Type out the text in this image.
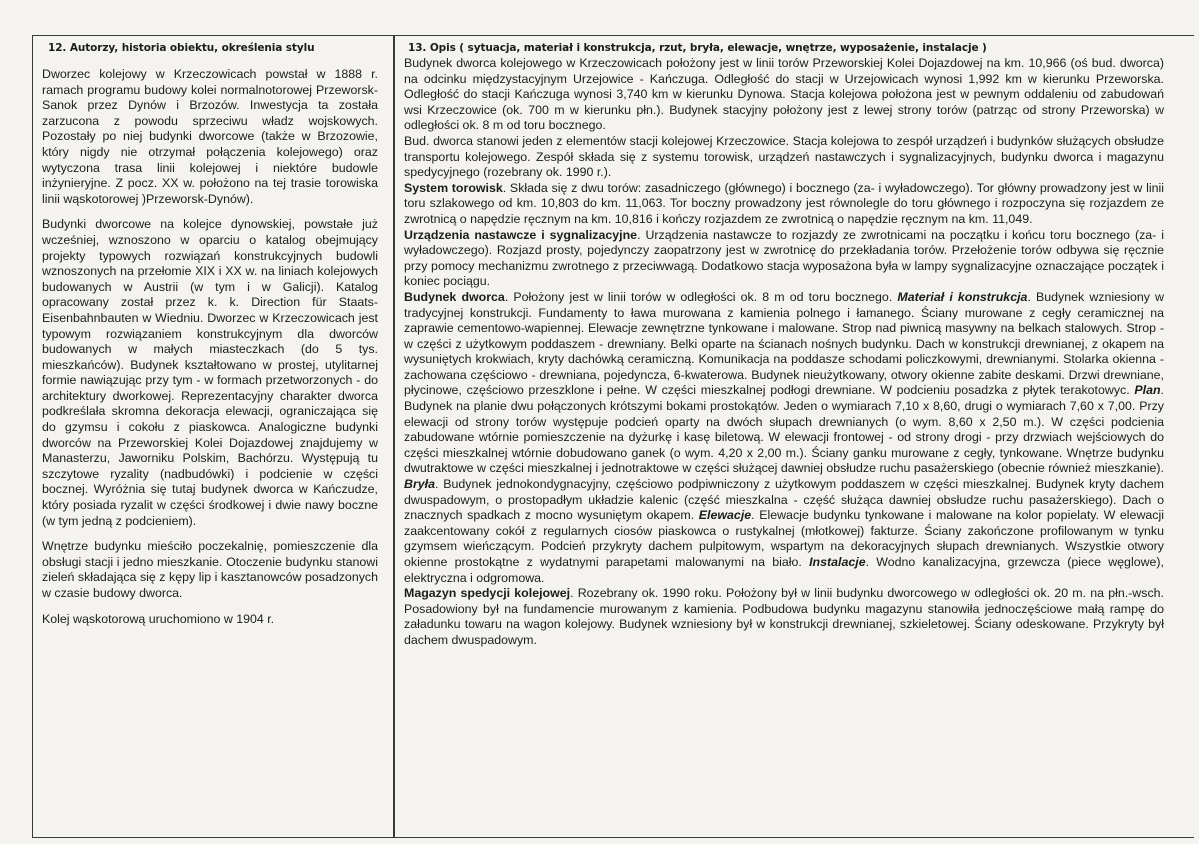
12. Autorzy, historia obiektu, określenia stylu

Dworzec kolejowy w Krzeczowicach powstał w 1888 r. ramach programu budowy kolei normalnotorowej Przeworsk-Sanok przez Dynów i Brzozów. Inwestycja ta została zarzucona z powodu sprzeciwu władz wojskowych. Pozostały po niej budynki dworcowe (także w Brzozowie, który nigdy nie otrzymał połączenia kolejowego) oraz wytyczona trasa linii kolejowej i niektóre budowle inżynieryjne. Z pocz. XX w. położono na tej trasie torowiska linii wąskotorowej )Przeworsk-Dynów).

Budynki dworcowe na kolejce dynowskiej, powstałe już wcześniej, wznoszono w oparciu o katalog obejmujący projekty typowych rozwiązań konstrukcyjnych budowli wznoszonych na przełomie XIX i XX w. na liniach kolejowych budowanych w Austrii (w tym i w Galicji). Katalog opracowany został przez k. k. Direction für Staats-Eisenbahnbauten w Wiedniu. Dworzec w Krzeczowicach jest typowym rozwiązaniem konstrukcyjnym dla dworców budowanych w małych miasteczkach (do 5 tys. mieszkańców). Budynek kształtowano w prostej, utylitarnej formie nawiązując przy tym - w formach przetworzonych - do architektury dworkowej. Reprezentacyjny charakter dworca podkreślała skromna dekoracja elewacji, ograniczająca się do gzymsu i cokołu z piaskowca. Analogiczne budynki dworców na Przeworskiej Kolei Dojazdowej znajdujemy w Manasterzu, Jaworniku Polskim, Bachórzu. Występują tu szczytowe ryzality (nadbudówki) i podcienie w części bocznej. Wyróżnia się tutaj budynek dworca w Kańczudze, który posiada ryzalit w części środkowej i dwie nawy boczne (w tym jedną z podcieniem).

Wnętrze budynku mieściło poczekalnię, pomieszczenie dla obsługi stacji i jedno mieszkanie. Otoczenie budynku stanowi zieleń składająca się z kępy lip i kasztanowców posadzonych w czasie budowy dworca.

Kolej wąskotorową uruchomiono w 1904 r.

13. Opis ( sytuacja, materiał i konstrukcja, rzut, bryła, elewacje, wnętrze, wyposażenie, instalacje )

Budynek dworca kolejowego w Krzeczowicach położony jest w linii torów Przeworskiej Kolei Dojazdowej na km. 10,966 (oś bud. dworca) na odcinku międzystacyjnym Urzejowice - Kańczuga. Odległość do stacji w Urzejowicach wynosi 1,992 km w kierunku Przeworska. Odległość do stacji Kańczuga wynosi 3,740 km w kierunku Dynowa. Stacja kolejowa położona jest w pewnym oddaleniu od zabudowań wsi Krzeczowice (ok. 700 m w kierunku płn.). Budynek stacyjny położony jest z lewej strony torów (patrząc od strony Przeworska) w odległości ok. 8 m od toru bocznego.

Bud. dworca stanowi jeden z elementów stacji kolejowej Krzeczowice. Stacja kolejowa to zespół urządzeń i budynków służących obsłudze transportu kolejowego. Zespół składa się z systemu torowisk, urządzeń nastawczych i sygnalizacyjnych, budynku dworca i magazynu spedycyjnego (rozebrany ok. 1990 r.).

System torowisk. Składa się z dwu torów: zasadniczego (głównego) i bocznego (za- i wyładowczego). Tor główny prowadzony jest w linii toru szlakowego od km. 10,803 do km. 11,063. Tor boczny prowadzony jest równolegle do toru głównego i rozpoczyna się rozjazdem ze zwrotnicą o napędzie ręcznym na km. 10,816 i kończy rozjazdem ze zwrotnicą o napędzie ręcznym na km. 11,049.

Urządzenia nastawcze i sygnalizacyjne. Urządzenia nastawcze to rozjazdy ze zwrotnicami na początku i końcu toru bocznego (za- i wyładowczego). Rozjazd prosty, pojedynczy zaopatrzony jest w zwrotnicę do przekładania torów. Przełożenie torów odbywa się ręcznie przy pomocy mechanizmu zwrotnego z przeciwwagą. Dodatkowo stacja wyposażona była w lampy sygnalizacyjne oznaczające początek i koniec pociągu.

Budynek dworca. Położony jest w linii torów w odległości ok. 8 m od toru bocznego. Materiał i konstrukcja. Budynek wzniesiony w tradycyjnej konstrukcji. Fundamenty to ława murowana z kamienia polnego i łamanego. Ściany murowane z cegły ceramicznej na zaprawie cementowo-wapiennej. Elewacje zewnętrzne tynkowane i malowane. Strop nad piwnicą masywny na belkach stalowych. Strop - w części z użytkowym poddaszem - drewniany. Belki oparte na ścianach nośnych budynku. Dach w konstrukcji drewnianej, z okapem na wysuniętych krokwiach, kryty dachówką ceramiczną. Komunikacja na poddasze schodami policzkowymi, drewnianymi. Stolarka okienna - zachowana częściowo - drewniana, pojedyncza, 6-kwaterowa. Budynek nieużytkowany, otwory okienne zabite deskami. Drzwi drewniane, płycinowe, częściowo przeszklone i pełne. W części mieszkalnej podłogi drewniane. W podcieniu posadzka z płytek terakotowyc. Plan. Budynek na planie dwu połączonych krótszymi bokami prostokątów. Jeden o wymiarach 7,10 x 8,60, drugi o wymiarach 7,60 x 7,00. Przy elewacji od strony torów występuje podcień oparty na dwóch słupach drewnianych (o wym. 8,60 x 2,50 m.). W części podcienia zabudowane wtórnie pomieszczenie na dyżurkę i kasę biletową. W elewacji frontowej - od strony drogi - przy drzwiach wejściowych do części mieszkalnej wtórnie dobudowano ganek (o wym. 4,20 x 2,00 m.). Ściany ganku murowane z cegły, tynkowane. Wnętrze budynku dwutraktowe w części mieszkalnej i jednotraktowe w części służącej dawniej obsłudze ruchu pasażerskiego (obecnie również mieszkanie). Bryła. Budynek jednokondygnacyjny, częściowo podpiwniczony z użytkowym poddaszem w części mieszkalnej. Budynek kryty dachem dwuspadowym, o prostopadłym układzie kalenic (część mieszkalna - część służąca dawniej obsłudze ruchu pasażerskiego). Dach o znacznych spadkach z mocno wysuniętym okapem. Elewacje. Elewacje budynku tynkowane i malowane na kolor popielaty. W elewacji zaakcentowany cokół z regularnych ciosów piaskowca o rustykalnej (młotkowej) fakturze. Ściany zakończone profilowanym w tynku gzymsem wieńczącym. Podcień przykryty dachem pulpitowym, wspartym na dekoracyjnych słupach drewnianych. Wszystkie otwory okienne prostokątne z wydatnymi parapetami malowanymi na biało. Instalacje. Wodno kanalizacyjna, grzewcza (piece węglowe), elektryczna i odgromowa.

Magazyn spedycji kolejowej. Rozebrany ok. 1990 roku. Położony był w linii budynku dworcowego w odległości ok. 20 m. na płn.-wsch. Posadowiony był na fundamencie murowanym z kamienia. Podbudowa budynku magazynu stanowiła jednoczęściowe małą rampę do załadunku towaru na wagon kolejowy. Budynek wzniesiony był w konstrukcji drewnianej, szkieletowej. Ściany odeskowane. Przykryty był dachem dwuspadowym.
